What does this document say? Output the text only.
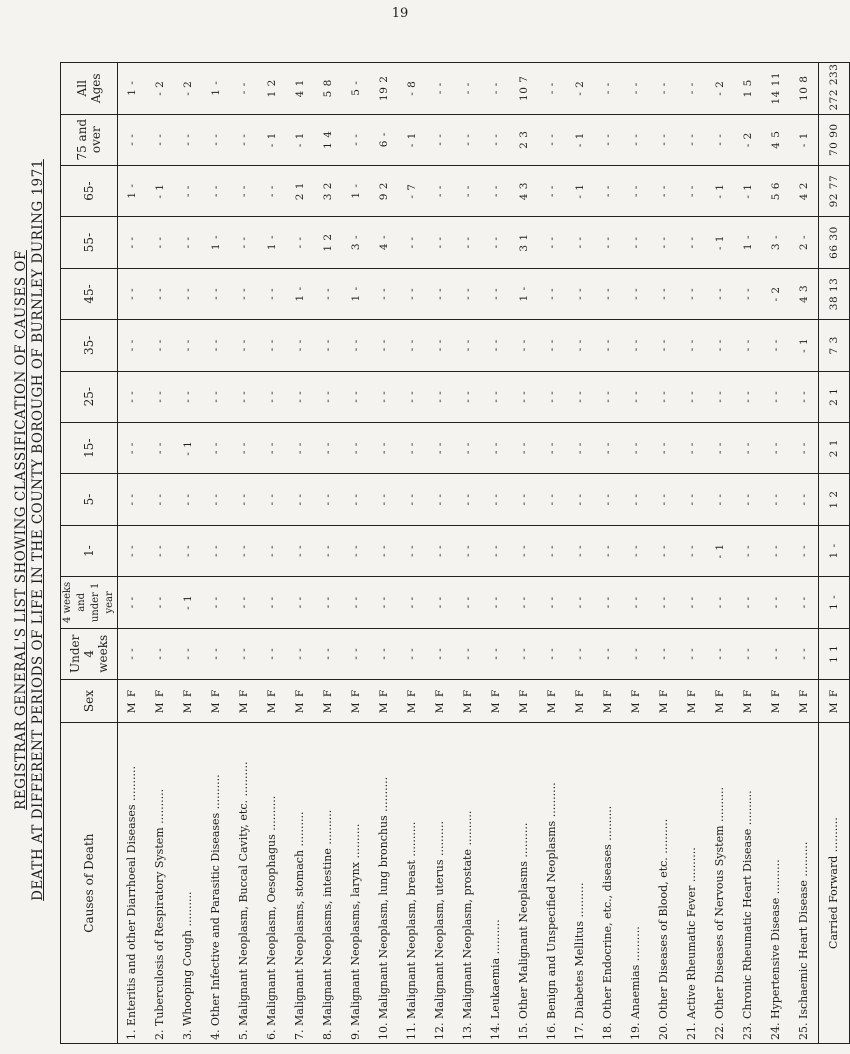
19
REGISTRAR GENERAL'S LIST SHOWING CLASSIFICATION OF CAUSES OF DEATH AT DIFFERENT PERIODS OF LIFE IN THE COUNTY BOROUGH OF BURNLEY DURING 1971	Causes of Death	Sex	Under 4 weeks	4 weeks and under 1 year	1-	5-	15-	25-	35-	45-	55-	65-	75 and over	All Ages
1. Enteritis and other Diarrhoeal Diseases ..........	M F	- -	- -	- -	- -	- -	- -	- -	- -	- -	1 -	- -	1 -
2. Tuberculosis of Respiratory System ..........	M F	- -	- -	- -	- -	- -	- -	- -	- -	- -	- 1	- -	- 2
3. Whooping Cough ..........	M F	- -	- 1	- -	- -	- 1	- -	- -	- -	- -	- -	- -	- 2
4. Other Infective and Parasitic Diseases ..........	M F	- -	- -	- -	- -	- -	- -	- -	- -	1 -	- -	- -	1 -
5. Malignant Neoplasm, Buccal Cavity, etc. ..........	M F	- -	- -	- -	- -	- -	- -	- -	- -	- -	- -	- -	- -
6. Malignant Neoplasm, Oesophagus ..........	M F	- -	- -	- -	- -	- -	- -	- -	- -	1 -	- -	- 1	1 2
7. Malignant Neoplasms, stomach ..........	M F	- -	- -	- -	- -	- -	- -	- -	1 -	- -	2 1	- 1	4 1
8. Malignant Neoplasms, intestine ..........	M F	- -	- -	- -	- -	- -	- -	- -	- -	1 2	3 2	1 4	5 8
9. Malignant Neoplasms, larynx ..........	M F	- -	- -	- -	- -	- -	- -	- -	1 -	3 -	1 -	- -	5 -
10. Malignant Neoplasm, lung bronchus ..........	M F	- -	- -	- -	- -	- -	- -	- -	- -	4 -	9 2	6 -	19 2
11. Malignant Neoplasm, breast ..........	M F	- -	- -	- -	- -	- -	- -	- -	- -	- -	- 7	- 1	- 8
12. Malignant Neoplasm, uterus ..........	M F	- -	- -	- -	- -	- -	- -	- -	- -	- -	- -	- -	- -
13. Malignant Neoplasm, prostate ..........	M F	- -	- -	- -	- -	- -	- -	- -	- -	- -	- -	- -	- -
14. Leukaemia ..........	M F	- -	- -	- -	- -	- -	- -	- -	- -	- -	- -	- -	- -
15. Other Malignant Neoplasms ..........	M F	- -	- -	- -	- -	- -	- -	- -	1 -	3 1	4 3	2 3	10 7
16. Benign and Unspecified Neoplasms ..........	M F	- -	- -	- -	- -	- -	- -	- -	- -	- -	- -	- -	- -
17. Diabetes Mellitus ..........	M F	- -	- -	- -	- -	- -	- -	- -	- -	- -	- 1	- 1	- 2
18. Other Endocrine, etc., diseases ..........	M F	- -	- -	- -	- -	- -	- -	- -	- -	- -	- -	- -	- -
19. Anaemias ..........	M F	- -	- -	- -	- -	- -	- -	- -	- -	- -	- -	- -	- -
20. Other Diseases of Blood, etc. ..........	M F	- -	- -	- -	- -	- -	- -	- -	- -	- -	- -	- -	- -
21. Active Rheumatic Fever ..........	M F	- -	- -	- -	- -	- -	- -	- -	- -	- -	- -	- -	- -
22. Other Diseases of Nervous System ..........	M F	- -	- -	- 1	- -	- -	- -	- -	- -	- 1	- 1	- -	- 2
23. Chronic Rheumatic Heart Disease ..........	M F	- -	- -	- -	- -	- -	- -	- -	- -	1 -	- 1	- 2	1 5
24. Hypertensive Disease ..........	M F	- -	- -	- -	- -	- -	- -	- -	- 2	3 -	5 6	4 5	14 11
25. Ischaemic Heart Disease ..........	M F	- -	- -	- -	- -	- -	- -	- 1	4 3	2 -	4 2	- 1	10 8
Carried Forward ..........	M F	1 1	1 -	1 -	1 2	2 1	2 1	7 3	38 13	66 30	92 77	70 90	272 233
